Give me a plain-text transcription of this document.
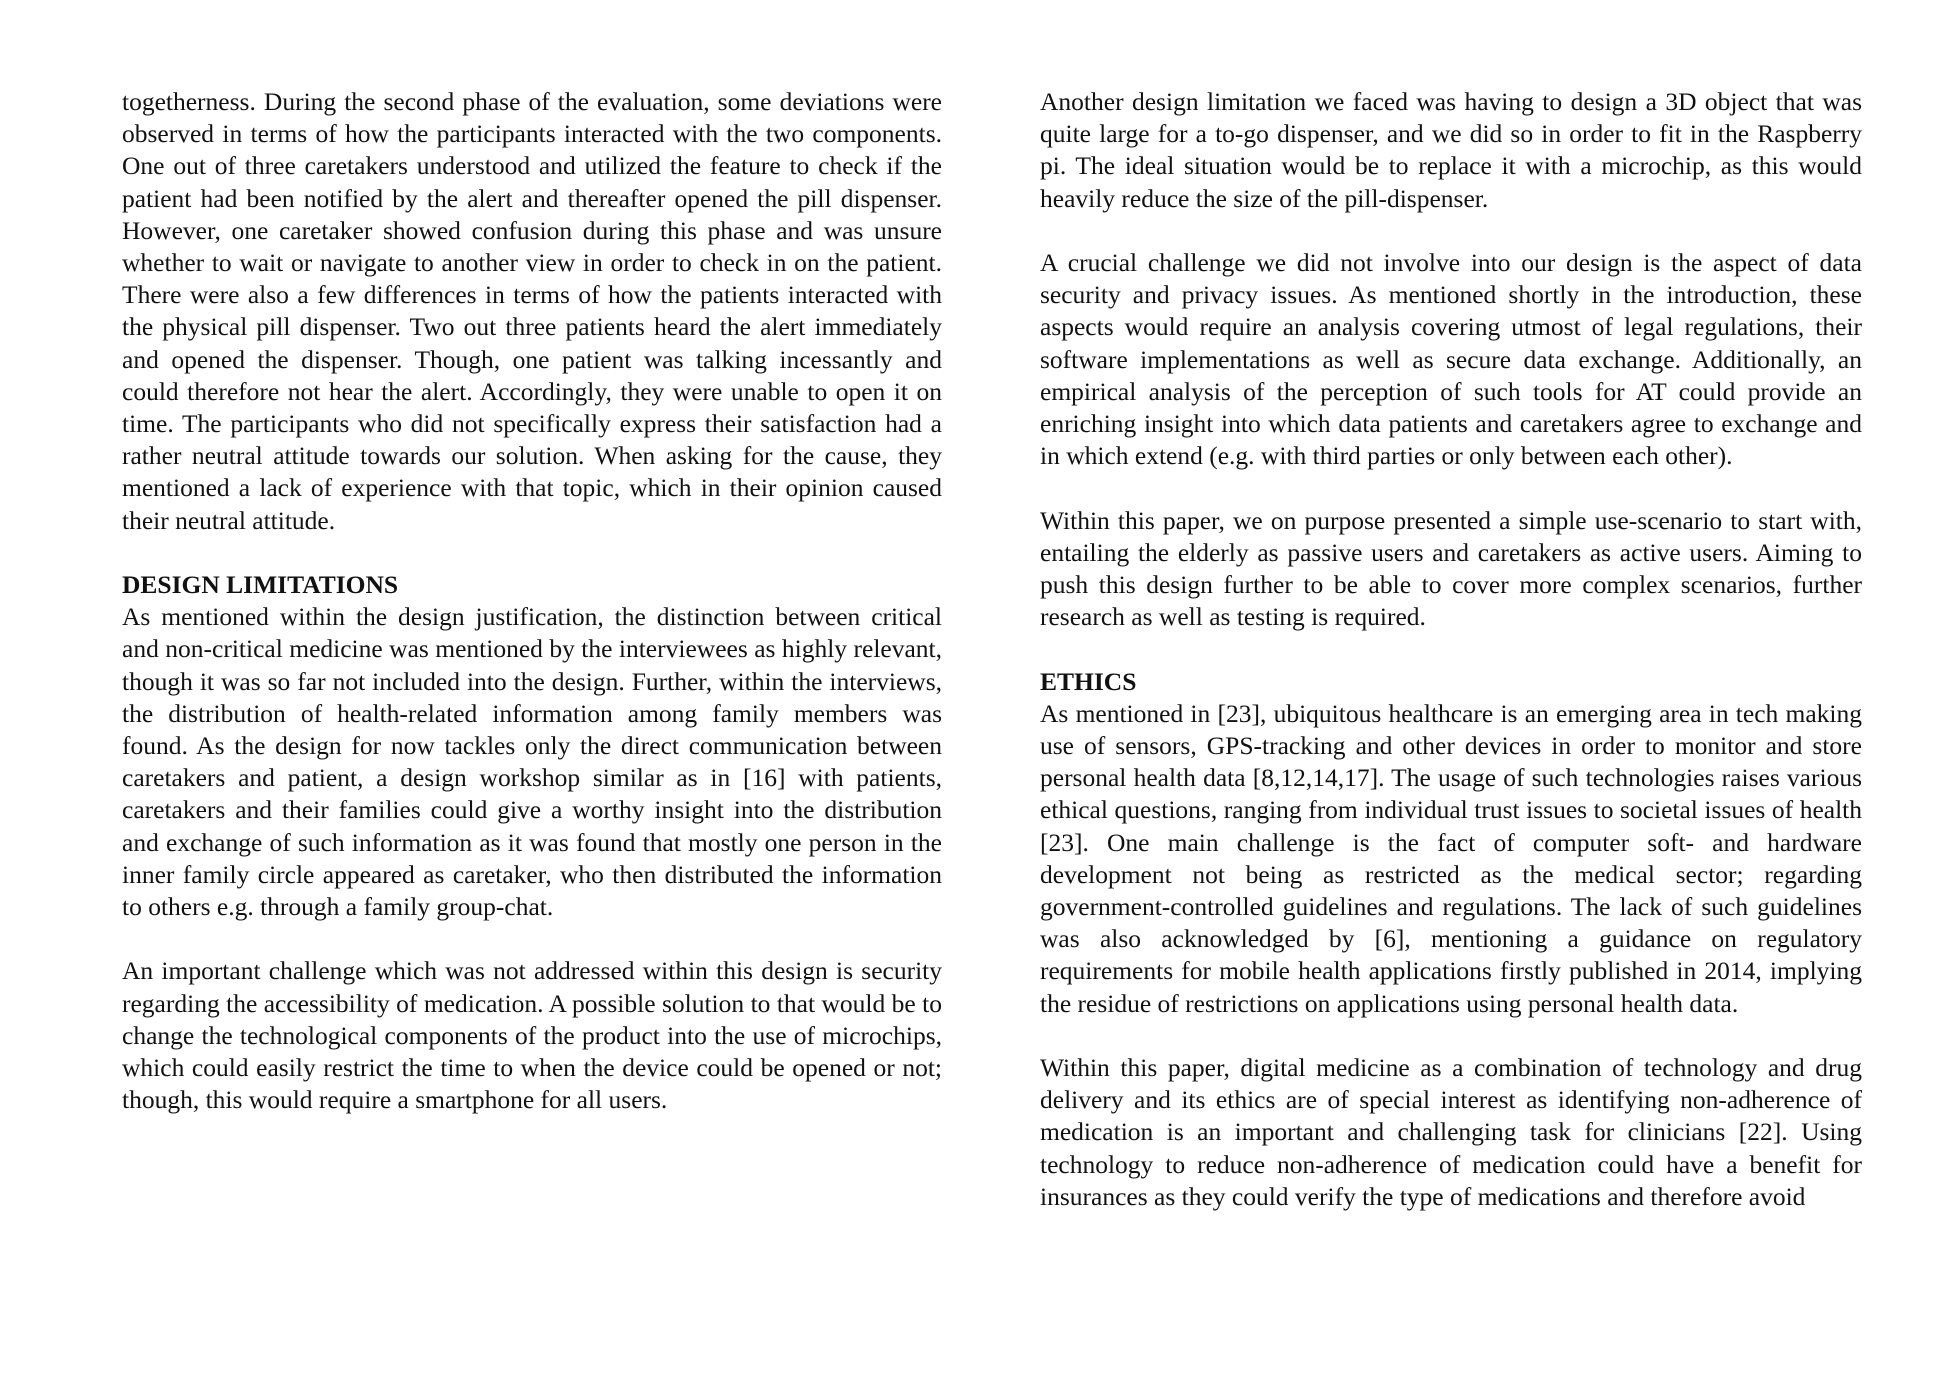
togetherness. During the second phase of the evaluation, some deviations were observed in terms of how the participants interacted with the two components. One out of three caretakers understood and utilized the feature to check if the patient had been notified by the alert and thereafter opened the pill dispenser. However, one caretaker showed confusion during this phase and was unsure whether to wait or navigate to another view in order to check in on the patient. There were also a few differences in terms of how the patients interacted with the physical pill dispenser. Two out three patients heard the alert immediately and opened the dispenser. Though, one patient was talking incessantly and could therefore not hear the alert. Accordingly, they were unable to open it on time. The participants who did not specifically express their satisfaction had a rather neutral attitude towards our solution. When asking for the cause, they mentioned a lack of experience with that topic, which in their opinion caused their neutral attitude.

DESIGN LIMITATIONS

As mentioned within the design justification, the distinction between critical and non-critical medicine was mentioned by the interviewees as highly relevant, though it was so far not included into the design. Further, within the interviews, the distribution of health-related information among family members was found. As the design for now tackles only the direct communication between caretakers and patient, a design workshop similar as in [16] with patients, caretakers and their families could give a worthy insight into the distribution and exchange of such information as it was found that mostly one person in the inner family circle appeared as caretaker, who then distributed the information to others e.g. through a family group-chat.

An important challenge which was not addressed within this design is security regarding the accessibility of medication. A possible solution to that would be to change the technological components of the product into the use of microchips, which could easily restrict the time to when the device could be opened or not; though, this would require a smartphone for all users.

Another design limitation we faced was having to design a 3D object that was quite large for a to-go dispenser, and we did so in order to fit in the Raspberry pi. The ideal situation would be to replace it with a microchip, as this would heavily reduce the size of the pill-dispenser.

A crucial challenge we did not involve into our design is the aspect of data security and privacy issues. As mentioned shortly in the introduction, these aspects would require an analysis covering utmost of legal regulations, their software implementations as well as secure data exchange. Additionally, an empirical analysis of the perception of such tools for AT could provide an enriching insight into which data patients and caretakers agree to exchange and in which extend (e.g. with third parties or only between each other).

Within this paper, we on purpose presented a simple use-scenario to start with, entailing the elderly as passive users and caretakers as active users. Aiming to push this design further to be able to cover more complex scenarios, further research as well as testing is required.

ETHICS

As mentioned in [23], ubiquitous healthcare is an emerging area in tech making use of sensors, GPS-tracking and other devices in order to monitor and store personal health data [8,12,14,17]. The usage of such technologies raises various ethical questions, ranging from individual trust issues to societal issues of health [23]. One main challenge is the fact of computer soft- and hardware development not being as restricted as the medical sector; regarding government-controlled guidelines and regulations. The lack of such guidelines was also acknowledged by [6], mentioning a guidance on regulatory requirements for mobile health applications firstly published in 2014, implying the residue of restrictions on applications using personal health data.

Within this paper, digital medicine as a combination of technology and drug delivery and its ethics are of special interest as identifying non-adherence of medication is an important and challenging task for clinicians [22]. Using technology to reduce non-adherence of medication could have a benefit for insurances as they could verify the type of medications and therefore avoid
